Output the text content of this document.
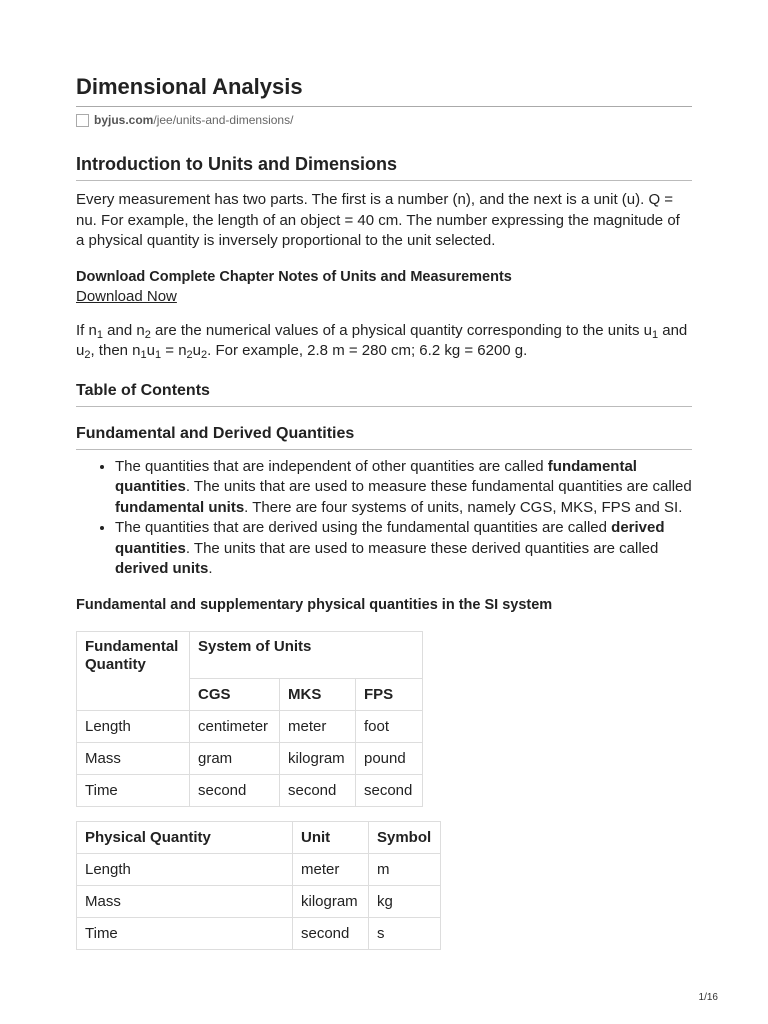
Dimensional Analysis
byjus.com/jee/units-and-dimensions/
Introduction to Units and Dimensions

Every measurement has two parts. The first is a number (n), and the next is a unit (u). Q = nu. For example, the length of an object = 40 cm. The number expressing the magnitude of a physical quantity is inversely proportional to the unit selected.

Download Complete Chapter Notes of Units and Measurements
Download Now

If $n_1$ and $n_2$ are the numerical values of a physical quantity corresponding to the units $u_1$ and $u_2$, then $n_1u_1 = n_2u_2$. For example, 2.8 m = 280 cm; 6.2 kg = 6200 g.

Table of Contents
Fundamental and Derived Quantities
• The quantities that are independent of other quantities are called fundamental quantities. The units that are used to measure these fundamental quantities are called fundamental units. There are four systems of units, namely CGS, MKS, FPS and SI.
• The quantities that are derived using the fundamental quantities are called derived quantities. The units that are used to measure these derived quantities are called derived units.
Fundamental and supplementary physical quantities in the SI system
Fundamental Quantity	System of Units		
	CGS	MKS	FPS
Length	centimeter	meter	foot
Mass	gram	kilogram	pound
Time	second	second	second
Physical Quantity	Unit	Symbol
Length	meter	m
Mass	kilogram	kg
Time	second	s
1/16
